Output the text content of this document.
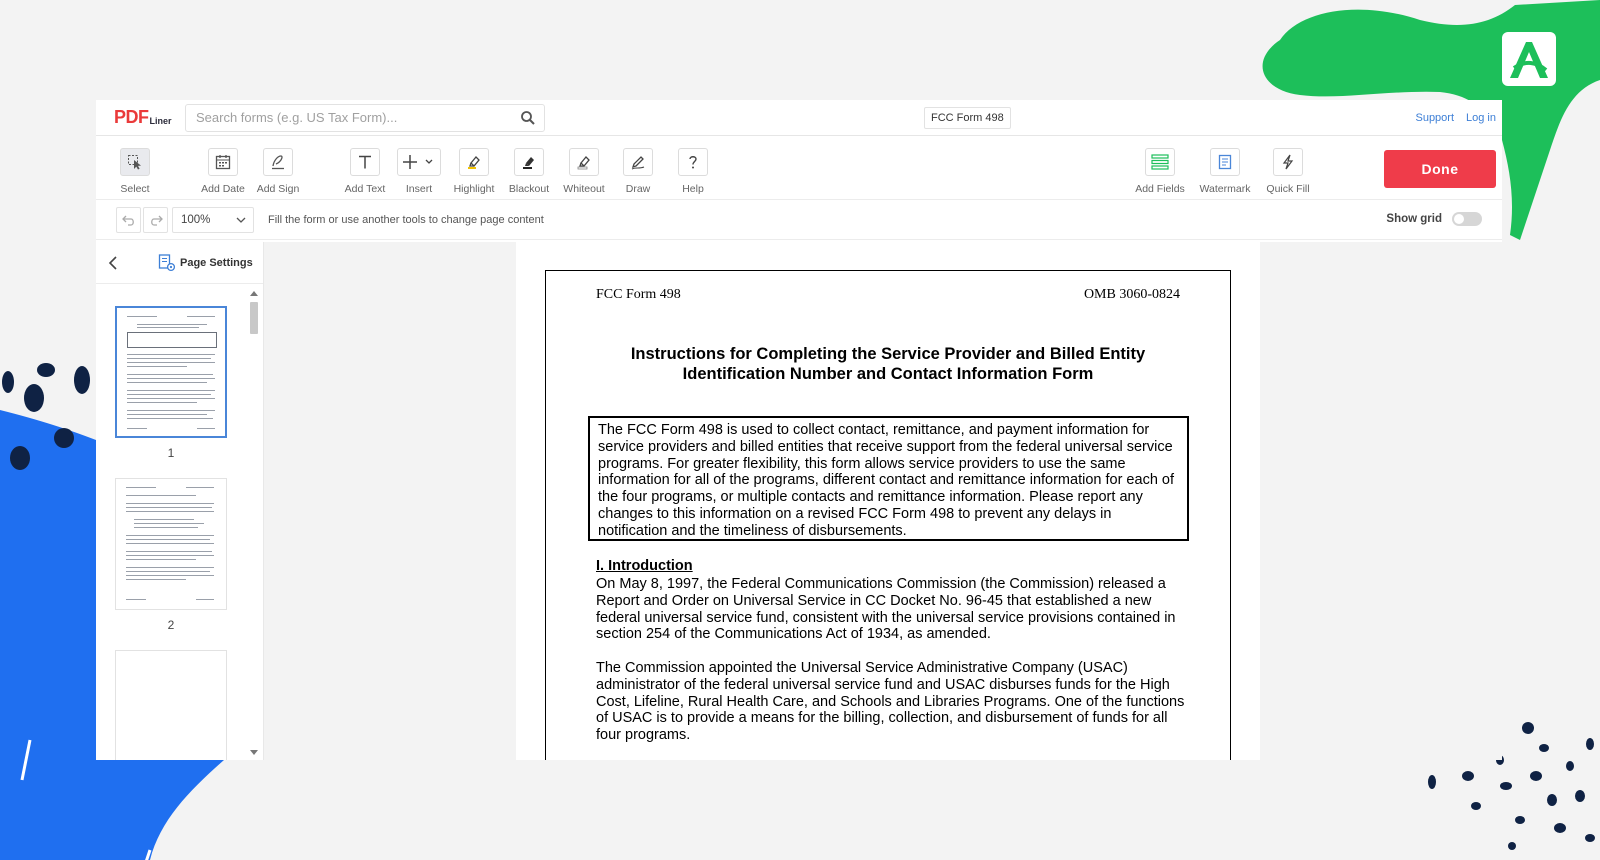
PDF Liner
Search forms (e.g. US Tax Form)...	FCC Form 498	Support Log in
Select	Add Date Add Sign	Add Text Insert Highlight Blackout Whiteout Draw	Help	Add Fields Watermark Quick Fill
Done
100%	Fill the form or use another tools to change page content	Show grid
Page Settings
1
2
FCC Form 498	OMB 3060-0824
Instructions for Completing the Service Provider and Billed Entity
Identification Number and Contact Information Form
The FCC Form 498 is used to collect contact, remittance, and payment information for service providers and billed entities that receive support from the federal universal service programs. For greater flexibility, this form allows service providers to use the same information for all of the programs, different contact and remittance information for each of the four programs, or multiple contacts and remittance information. Please report any changes to this information on a revised FCC Form 498 to prevent any delays in notification and the timeliness of disbursements.
I. Introduction
On May 8, 1997, the Federal Communications Commission (the Commission) released a Report and Order on Universal Service in CC Docket No. 96-45 that established a new federal universal service fund, consistent with the universal service provisions contained in section 254 of the Communications Act of 1934, as amended.
The Commission appointed the Universal Service Administrative Company (USAC) administrator of the federal universal service fund and USAC disburses funds for the High Cost, Lifeline, Rural Health Care, and Schools and Libraries Programs. One of the functions of USAC is to provide a means for the billing, collection, and disbursement of funds for all four programs.
